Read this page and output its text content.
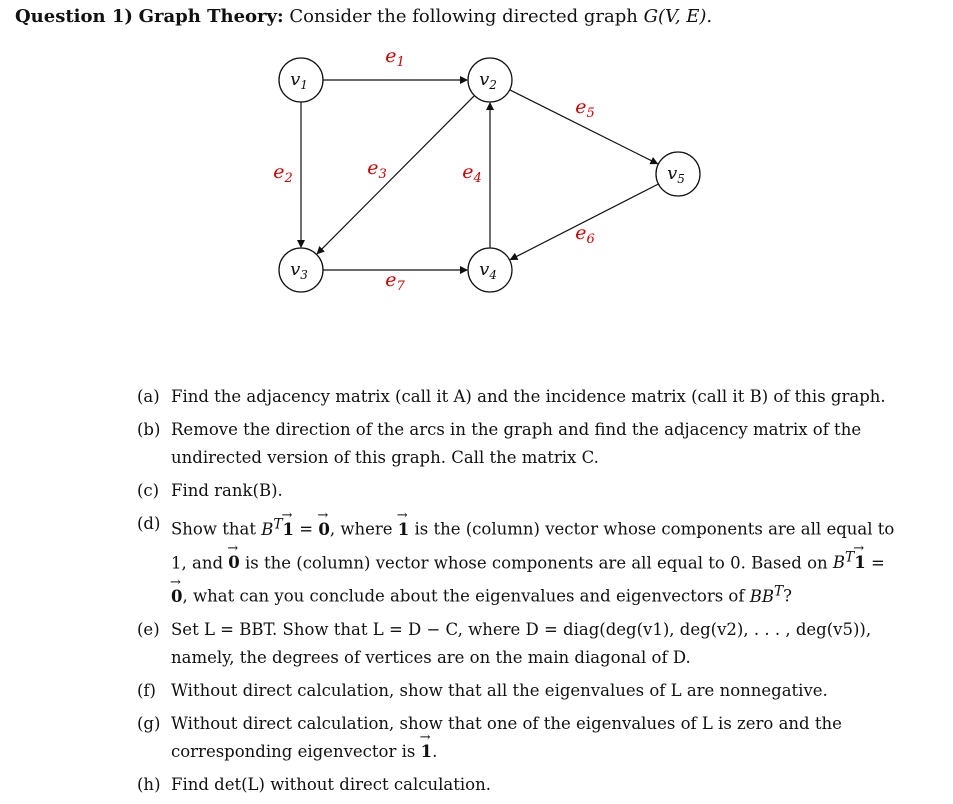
Question 1) Graph Theory: Consider the following directed graph G(V, E).
$v_1$	$v_2$
$v_3$	$v_4$
$v_5$
$e_1$
$e_2$	$e_3$	$e_4$
$e_5$
$e_6$
$e_7$
(a) Find the adjacency matrix (call it A) and the incidence matrix (call it B) of this graph.
(b) Remove the direction of the arcs in the graph and find the adjacency matrix of the undirected version of this graph. Call the matrix C.
(c) Find rank(B).
(d) Show that $B^T\to 1$ = → 0, where → 1 is the (column) vector whose components are all equal to 1, and → 0 is the (column) vector whose components are all equal to 0. Based on $B^T\to 1$ = → 0, what can you conclude about the eigenvalues and eigenvectors of $BB^T$?
(e) Set L = BBT. Show that L = D − C, where D = diag(deg(v1), deg(v2), . . . , deg(v5)), namely, the degrees of vertices are on the main diagonal of D.
(f) Without direct calculation, show that all the eigenvalues of L are nonnegative.
(g) Without direct calculation, show that one of the eigenvalues of L is zero and the corresponding eigenvector is → 1.
(h) Find det(L) without direct calculation.
